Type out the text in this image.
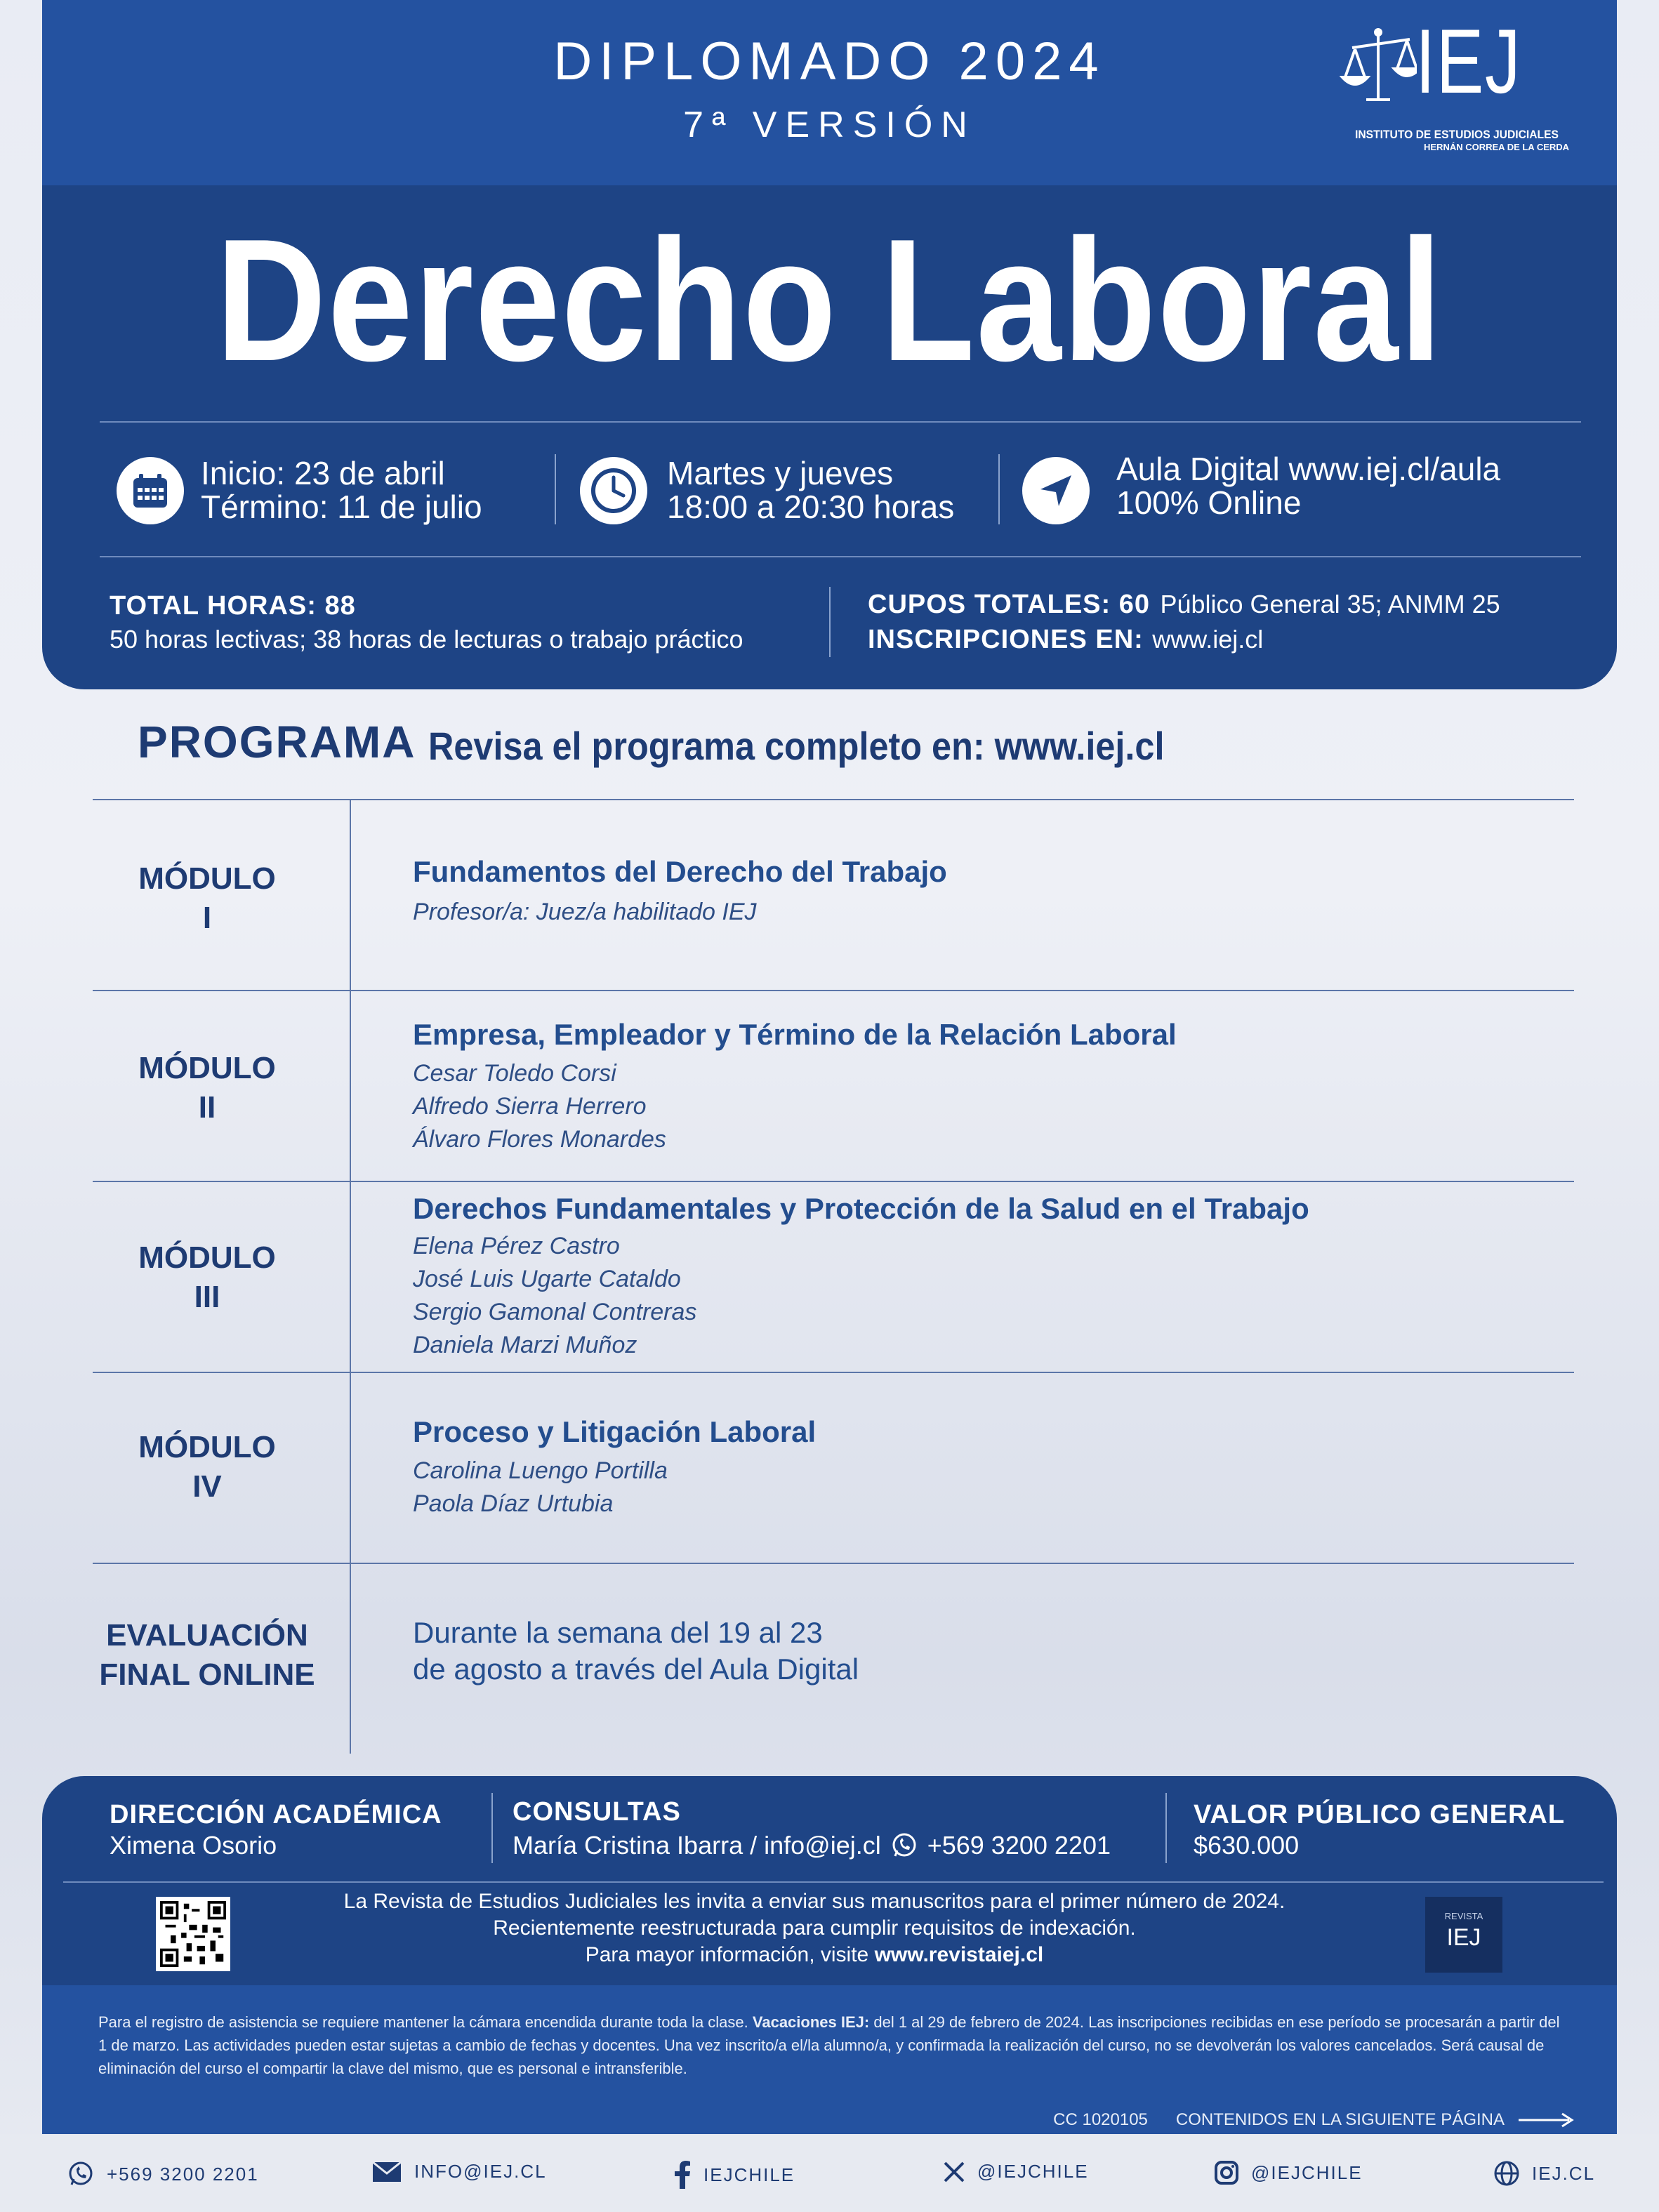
DIPLOMADO 2024
7ª VERSIÓN
IEJ
INSTITUTO DE ESTUDIOS JUDICIALES
HERNÁN CORREA DE LA CERDA
Derecho Laboral
Inicio: 23 de abril
Término: 11 de julio
Martes y jueves
18:00 a 20:30 horas
Aula Digital www.iej.cl/aula
100% Online
TOTAL HORAS: 88
50 horas lectivas; 38 horas de lecturas o trabajo práctico
CUPOS TOTALES: 60 Público General 35; ANMM 25
INSCRIPCIONES EN: www.iej.cl
PROGRAMA Revisa el programa completo en: www.iej.cl
MÓDULO
I
Fundamentos del Derecho del Trabajo
Profesor/a: Juez/a habilitado IEJ
MÓDULO
II
Empresa, Empleador y Término de la Relación Laboral
Cesar Toledo Corsi
Alfredo Sierra Herrero
Álvaro Flores Monardes
MÓDULO
III
Derechos Fundamentales y Protección de la Salud en el Trabajo
Elena Pérez Castro
José Luis Ugarte Cataldo
Sergio Gamonal Contreras
Daniela Marzi Muñoz
MÓDULO
IV
Proceso y Litigación Laboral
Carolina Luengo Portilla
Paola Díaz Urtubia
EVALUACIÓN
FINAL ONLINE
Durante la semana del 19 al 23
de agosto a través del Aula Digital
DIRECCIÓN ACADÉMICA
Ximena Osorio
CONSULTAS
María Cristina Ibarra / info@iej.cl +569 3200 2201
VALOR PÚBLICO GENERAL
$630.000
La Revista de Estudios Judiciales les invita a enviar sus manuscritos para el primer número de 2024.
Recientemente reestructurada para cumplir requisitos de indexación.
Para mayor información, visite www.revistaiej.cl
REVISTA
IEJ

Para el registro de asistencia se requiere mantener la cámara encendida durante toda la clase. Vacaciones IEJ: del 1 al 29 de febrero de 2024. Las inscripciones recibidas en ese período se procesarán a partir del 1 de marzo. Las actividades pueden estar sujetas a cambio de fechas y docentes. Una vez inscrito/a el/la alumno/a, y confirmada la realización del curso, no se devolverán los valores cancelados. Será causal de eliminación del curso el compartir la clave del mismo, que es personal e intransferible.

CC 1020105 CONTENIDOS EN LA SIGUIENTE PÁGINA
+569 3200 2201	INFO@IEJ.CL	IEJCHILE	@IEJCHILE	@IEJCHILE	IEJ.CL
